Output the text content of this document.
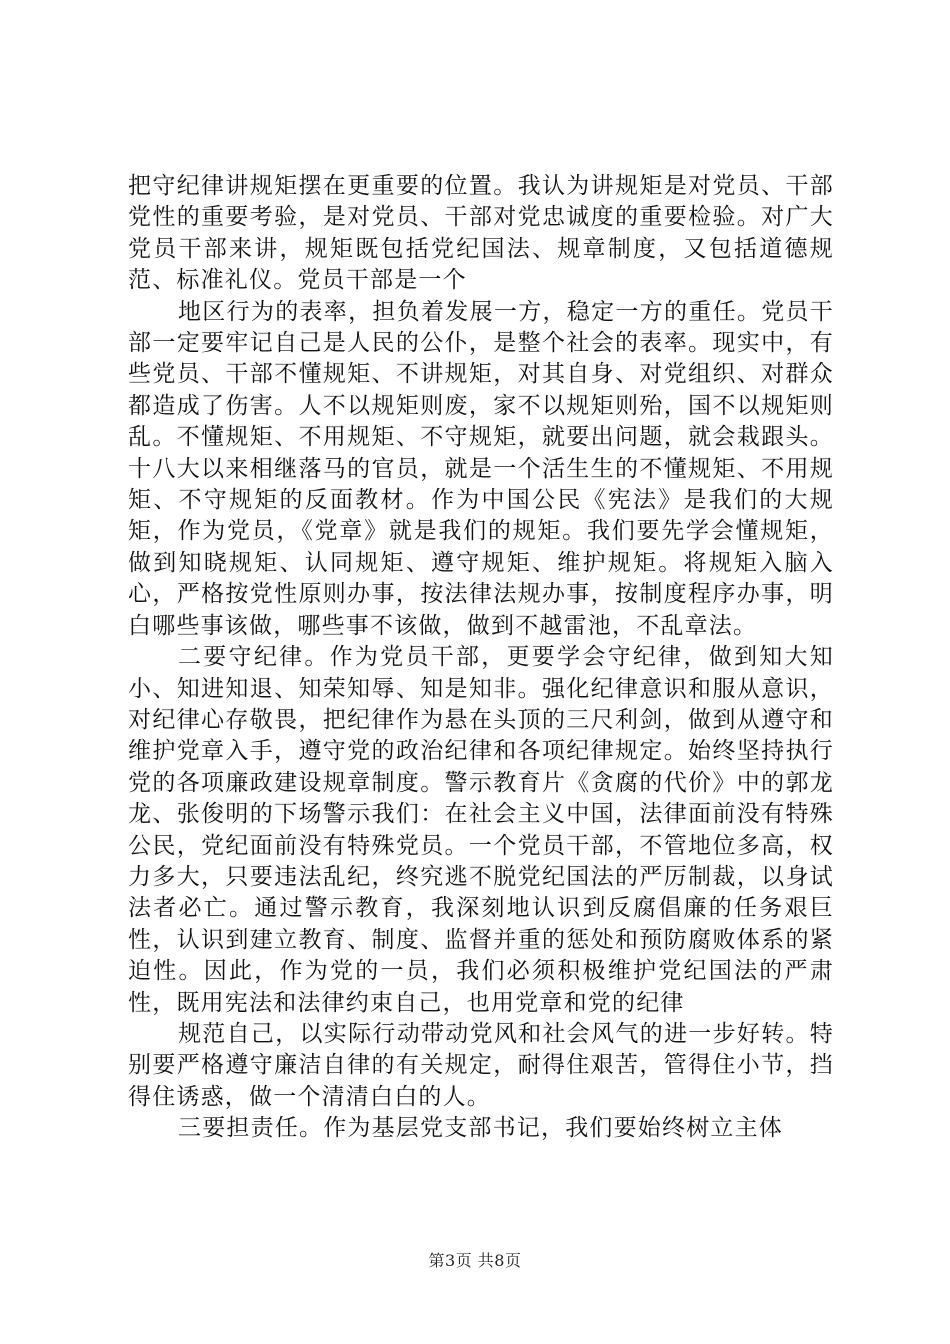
把守纪律讲规矩摆在更重要的位置。我认为讲规矩是对党员、干部党性的重要考验，是对党员、干部对党忠诚度的重要检验。对广大党员干部来讲，规矩既包括党纪国法、规章制度，又包括道德规范、标准礼仪。党员干部是一个

地区行为的表率，担负着发展一方，稳定一方的重任。党员干部一定要牢记自己是人民的公仆，是整个社会的表率。现实中，有些党员、干部不懂规矩、不讲规矩，对其自身、对党组织、对群众都造成了伤害。人不以规矩则废，家不以规矩则殆，国不以规矩则乱。不懂规矩、不用规矩、不守规矩，就要出问题，就会栽跟头。十八大以来相继落马的官员，就是一个活生生的不懂规矩、不用规矩、不守规矩的反面教材。作为中国公民《宪法》是我们的大规矩，作为党员，《党章》就是我们的规矩。我们要先学会懂规矩，做到知晓规矩、认同规矩、遵守规矩、维护规矩。将规矩入脑入心，严格按党性原则办事，按法律法规办事，按制度程序办事，明白哪些事该做，哪些事不该做，做到不越雷池，不乱章法。

二要守纪律。作为党员干部，更要学会守纪律，做到知大知小、知进知退、知荣知辱、知是知非。强化纪律意识和服从意识，对纪律心存敬畏，把纪律作为悬在头顶的三尺利剑，做到从遵守和维护党章入手，遵守党的政治纪律和各项纪律规定。始终坚持执行党的各项廉政建设规章制度。警示教育片《贪腐的代价》中的郭龙龙、张俊明的下场警示我们：在社会主义中国，法律面前没有特殊公民，党纪面前没有特殊党员。一个党员干部，不管地位多高，权力多大，只要违法乱纪，终究逃不脱党纪国法的严厉制裁，以身试法者必亡。通过警示教育，我深刻地认识到反腐倡廉的任务艰巨性，认识到建立教育、制度、监督并重的惩处和预防腐败体系的紧迫性。因此，作为党的一员，我们必须积极维护党纪国法的严肃性，既用宪法和法律约束自己，也用党章和党的纪律

规范自己，以实际行动带动党风和社会风气的进一步好转。特别要严格遵守廉洁自律的有关规定，耐得住艰苦，管得住小节，挡得住诱惑，做一个清清白白的人。

三要担责任。作为基层党支部书记，我们要始终树立主体

第3页 共8页
